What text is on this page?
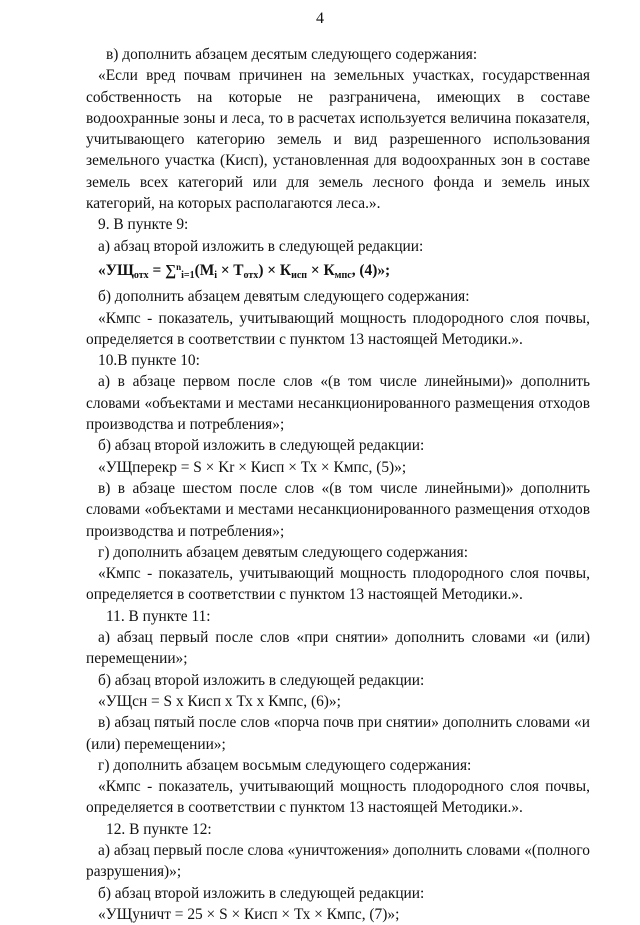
4

в) дополнить абзацем десятым следующего содержания:

«Если вред почвам причинен на земельных участках, государственная собственность на которые не разграничена, имеющих в составе водоохранные зоны и леса, то в расчетах используется величина показателя, учитывающего категорию земель и вид разрешенного использования земельного участка (Кисп), установленная для водоохранных зон в составе земель всех категорий или для земель лесного фонда и земель иных категорий, на которых располагаются леса.».

9. В пункте 9:

а) абзац второй изложить в следующей редакции:

«$УЩ_{отх} = \sum^n_{i=1}(M_i \times T_{отх}) \times К_{исп} \times К_{мпс}$, (4)»;

б) дополнить абзацем девятым следующего содержания:

«Кмпс - показатель, учитывающий мощность плодородного слоя почвы, определяется в соответствии с пунктом 13 настоящей Методики.».

10.В пункте 10:

а) в абзаце первом после слов «(в том числе линейными)» дополнить словами «объектами и местами несанкционированного размещения отходов производства и потребления»;

б) абзац второй изложить в следующей редакции:

«УЩперекр = S × Kr × Кисп × Тх × Кмпс, (5)»;

в) в абзаце шестом после слов «(в том числе линейными)» дополнить словами «объектами и местами несанкционированного размещения отходов производства и потребления»;

г) дополнить абзацем девятым следующего содержания:

«Кмпс - показатель, учитывающий мощность плодородного слоя почвы, определяется в соответствии с пунктом 13 настоящей Методики.».

11. В пункте 11:

а) абзац первый после слов «при снятии» дополнить словами «и (или) перемещении»;

б) абзац второй изложить в следующей редакции:

«УЩсн = S x Кисп x Тх x Кмпс, (6)»;

в) абзац пятый после слов «порча почв при снятии» дополнить словами «и (или) перемещении»;

г) дополнить абзацем восьмым следующего содержания:

«Кмпс - показатель, учитывающий мощность плодородного слоя почвы, определяется в соответствии с пунктом 13 настоящей Методики.».

12. В пункте 12:

а) абзац первый после слова «уничтожения» дополнить словами «(полного разрушения)»;

б) абзац второй изложить в следующей редакции:

«УЩуничт = 25 × S × Кисп × Тх × Кмпс, (7)»;
